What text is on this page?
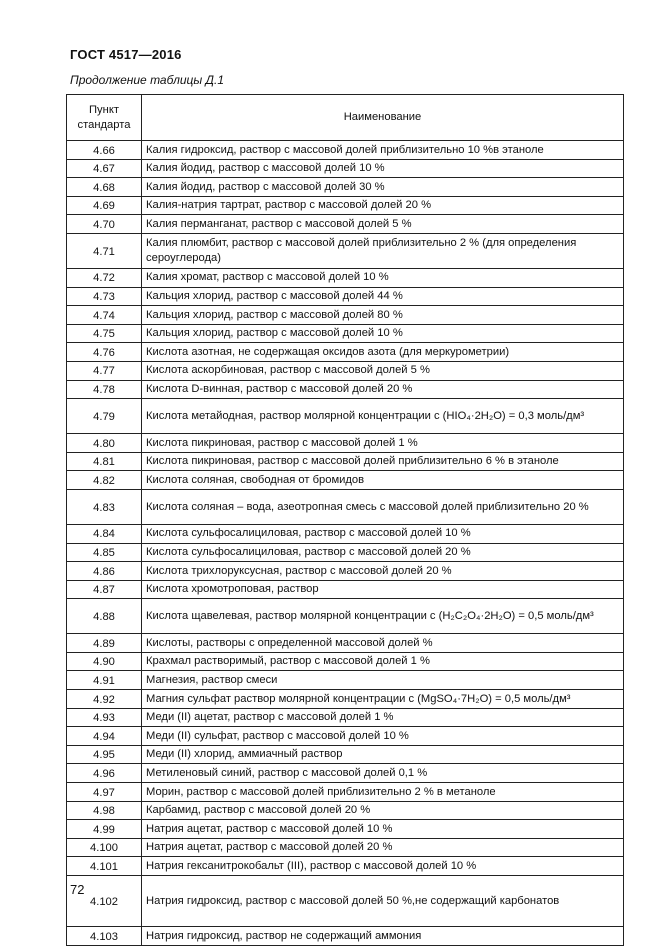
ГОСТ 4517—2016
Продолжение таблицы Д.1
Пункт
стандарта	Наименование
4.66	Калия гидроксид, раствор с массовой долей приблизительно 10 %в этаноле
4.67	Калия йодид, раствор с массовой долей 10 %
4.68	Калия йодид, раствор с массовой долей 30 %
4.69	Калия-натрия тартрат, раствор с массовой долей 20 %
4.70	Калия перманганат, раствор с массовой долей 5 %
4.71	Калия плюмбит, раствор с массовой долей приблизительно 2 % (для определения сероуглерода)
4.72	Калия хромат, раствор с массовой долей 10 %
4.73	Кальция хлорид, раствор с массовой долей 44 %
4.74	Кальция хлорид, раствор с массовой долей 80 %
4.75	Кальция хлорид, раствор с массовой долей 10 %
4.76	Кислота азотная, не содержащая оксидов азота (для меркурометрии)
4.77	Кислота аскорбиновая, раствор с массовой долей 5 %
4.78	Кислота D-винная, раствор с массовой долей 20 %
4.79	Кислота метайодная, раствор молярной концентрации с (HIO₄·2H₂O) = 0,3 моль/дм³
4.80	Кислота пикриновая, раствор с массовой долей 1 %
4.81	Кислота пикриновая, раствор с массовой долей приблизительно 6 % в этаноле
4.82	Кислота соляная, свободная от бромидов
4.83	Кислота соляная – вода, азеотропная смесь с массовой долей приблизительно 20 %
4.84	Кислота сульфосалициловая, раствор с массовой долей 10 %
4.85	Кислота сульфосалициловая, раствор с массовой долей 20 %
4.86	Кислота трихлоруксусная, раствор с массовой долей 20 %
4.87	Кислота хромотроповая, раствор
4.88	Кислота щавелевая, раствор молярной концентрации с (H₂C₂O₄·2H₂O) = 0,5 моль/дм³
4.89	Кислоты, растворы с определенной массовой долей %
4.90	Крахмал растворимый, раствор с массовой долей 1 %
4.91	Магнезия, раствор смеси
4.92	Магния сульфат раствор молярной концентрации с (MgSO₄·7H₂O) = 0,5 моль/дм³
4.93	Меди (II) ацетат, раствор с массовой долей 1 %
4.94	Меди (II) сульфат, раствор с массовой долей 10 %
4.95	Меди (II) хлорид, аммиачный раствор
4.96	Метиленовый синий, раствор с массовой долей 0,1 %
4.97	Морин, раствор с массовой долей приблизительно 2 % в метаноле
4.98	Карбамид, раствор с массовой долей 20 %
4.99	Натрия ацетат, раствор с массовой долей 10 %
4.100	Натрия ацетат, раствор с массовой долей 20 %
4.101	Натрия гексанитрокобальт (III), раствор с массовой долей 10 %
4.102	Натрия гидроксид, раствор с массовой долей 50 %,не содержащий карбонатов
4.103	Натрия гидроксид, раствор не содержащий аммония
72
